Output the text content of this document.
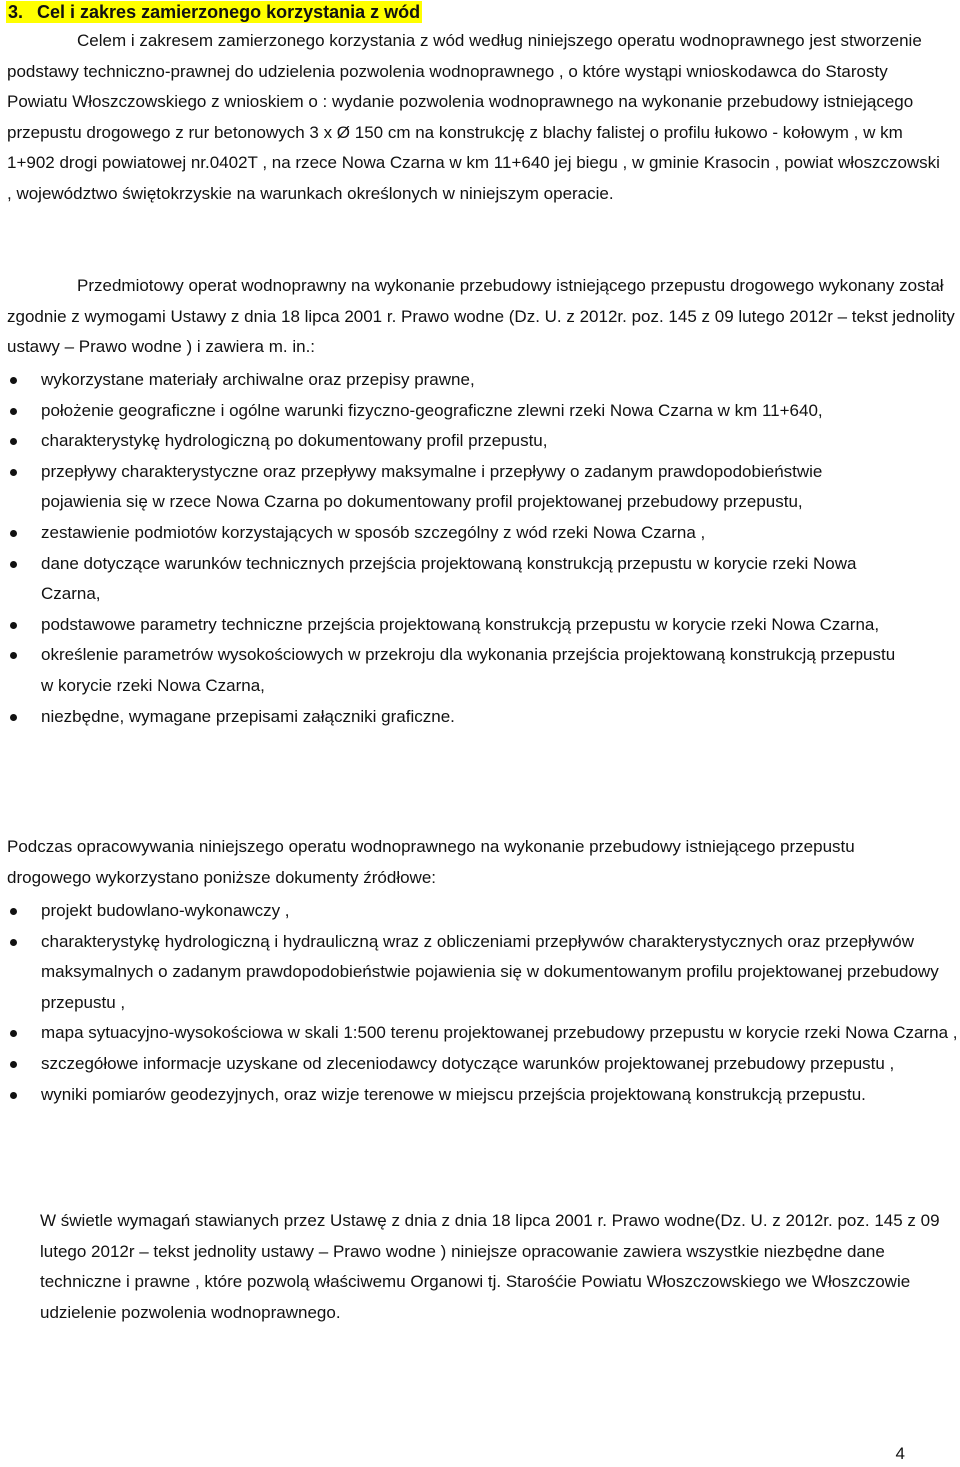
3. Cel i zakres zamierzonego korzystania z wód

Celem i zakresem zamierzonego korzystania z wód według niniejszego operatu wodnoprawnego jest stworzenie podstawy techniczno-prawnej do udzielenia pozwolenia wodnoprawnego , o które wystąpi wnioskodawca do Starosty Powiatu Włoszczowskiego z wnioskiem o : wydanie pozwolenia wodnoprawnego na wykonanie przebudowy istniejącego przepustu drogowego z rur betonowych 3 x Ø 150 cm na konstrukcję z blachy falistej o profilu łukowo - kołowym , w km 1+902 drogi powiatowej nr.0402T , na rzece Nowa Czarna w km 11+640 jej biegu , w gminie Krasocin , powiat włoszczowski , województwo świętokrzyskie na warunkach określonych w niniejszym operacie.

Przedmiotowy operat wodnoprawny na wykonanie przebudowy istniejącego przepustu drogowego wykonany został zgodnie z wymogami Ustawy z dnia 18 lipca 2001 r. Prawo wodne (Dz. U. z 2012r. poz. 145 z 09 lutego 2012r – tekst jednolity ustawy – Prawo wodne ) i zawiera m. in.:

wykorzystane materiały archiwalne oraz przepisy prawne,
położenie geograficzne i ogólne warunki fizyczno-geograficzne zlewni rzeki Nowa Czarna w km 11+640,
charakterystykę hydrologiczną po dokumentowany profil przepustu,
przepływy charakterystyczne oraz przepływy maksymalne i przepływy o zadanym prawdopodobieństwie pojawienia się w rzece Nowa Czarna po dokumentowany profil projektowanej przebudowy przepustu,
zestawienie podmiotów korzystających w sposób szczególny z wód rzeki Nowa Czarna ,
dane dotyczące warunków technicznych przejścia projektowaną konstrukcją przepustu w korycie rzeki Nowa Czarna,
podstawowe parametry techniczne przejścia projektowaną konstrukcją przepustu w korycie rzeki Nowa Czarna,
określenie parametrów wysokościowych w przekroju dla wykonania przejścia projektowaną konstrukcją przepustu w korycie rzeki Nowa Czarna,
niezbędne, wymagane przepisami załączniki graficzne.

Podczas opracowywania niniejszego operatu wodnoprawnego na wykonanie przebudowy istniejącego przepustu drogowego wykorzystano poniższe dokumenty źródłowe:

projekt budowlano-wykonawczy ,
charakterystykę hydrologiczną i hydrauliczną wraz z obliczeniami przepływów charakterystycznych oraz przepływów maksymalnych o zadanym prawdopodobieństwie pojawienia się w dokumentowanym profilu projektowanej przebudowy przepustu ,
mapa sytuacyjno-wysokościowa w skali 1:500 terenu projektowanej przebudowy przepustu w korycie rzeki Nowa Czarna ,
szczegółowe informacje uzyskane od zleceniodawcy dotyczące warunków projektowanej przebudowy przepustu ,
wyniki pomiarów geodezyjnych, oraz wizje terenowe w miejscu przejścia projektowaną konstrukcją przepustu.

W świetle wymagań stawianych przez Ustawę z dnia z dnia 18 lipca 2001 r. Prawo wodne(Dz. U. z 2012r. poz. 145 z 09 lutego 2012r – tekst jednolity ustawy – Prawo wodne ) niniejsze opracowanie zawiera wszystkie niezbędne dane techniczne i prawne , które pozwolą właściwemu Organowi tj. Starośćie Powiatu Włoszczowskiego we Włoszczowie udzielenie pozwolenia wodnoprawnego.

4
